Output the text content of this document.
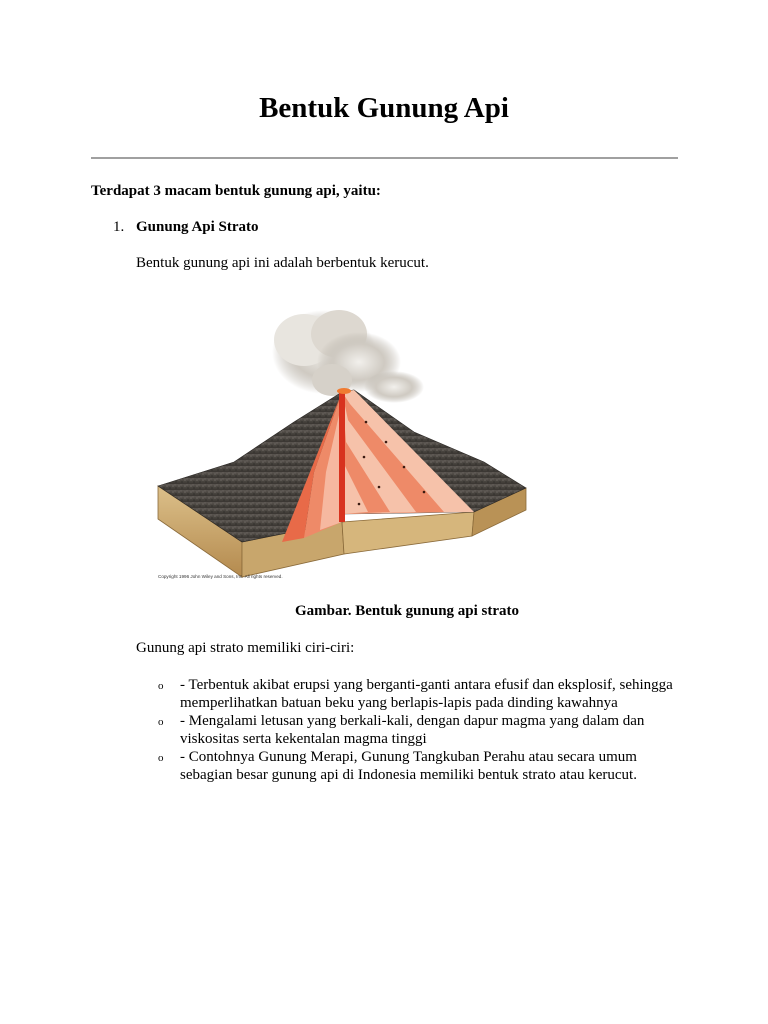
Bentuk Gunung Api
Terdapat 3 macam bentuk gunung api, yaitu:
1. Gunung Api Strato
Bentuk gunung api ini adalah berbentuk kerucut.
Copyright 1996 John Wiley and Sons, Inc. All rights reserved.
Gambar. Bentuk gunung api strato
Gunung api strato memiliki ciri-ciri:
o - Terbentuk akibat erupsi yang berganti-ganti antara efusif dan eksplosif, sehingga memperlihatkan batuan beku yang berlapis-lapis pada dinding kawahnya
o - Mengalami letusan yang berkali-kali, dengan dapur magma yang dalam dan viskositas serta kekentalan magma tinggi
o - Contohnya Gunung Merapi, Gunung Tangkuban Perahu atau secara umum sebagian besar gunung api di Indonesia memiliki bentuk strato atau kerucut.
